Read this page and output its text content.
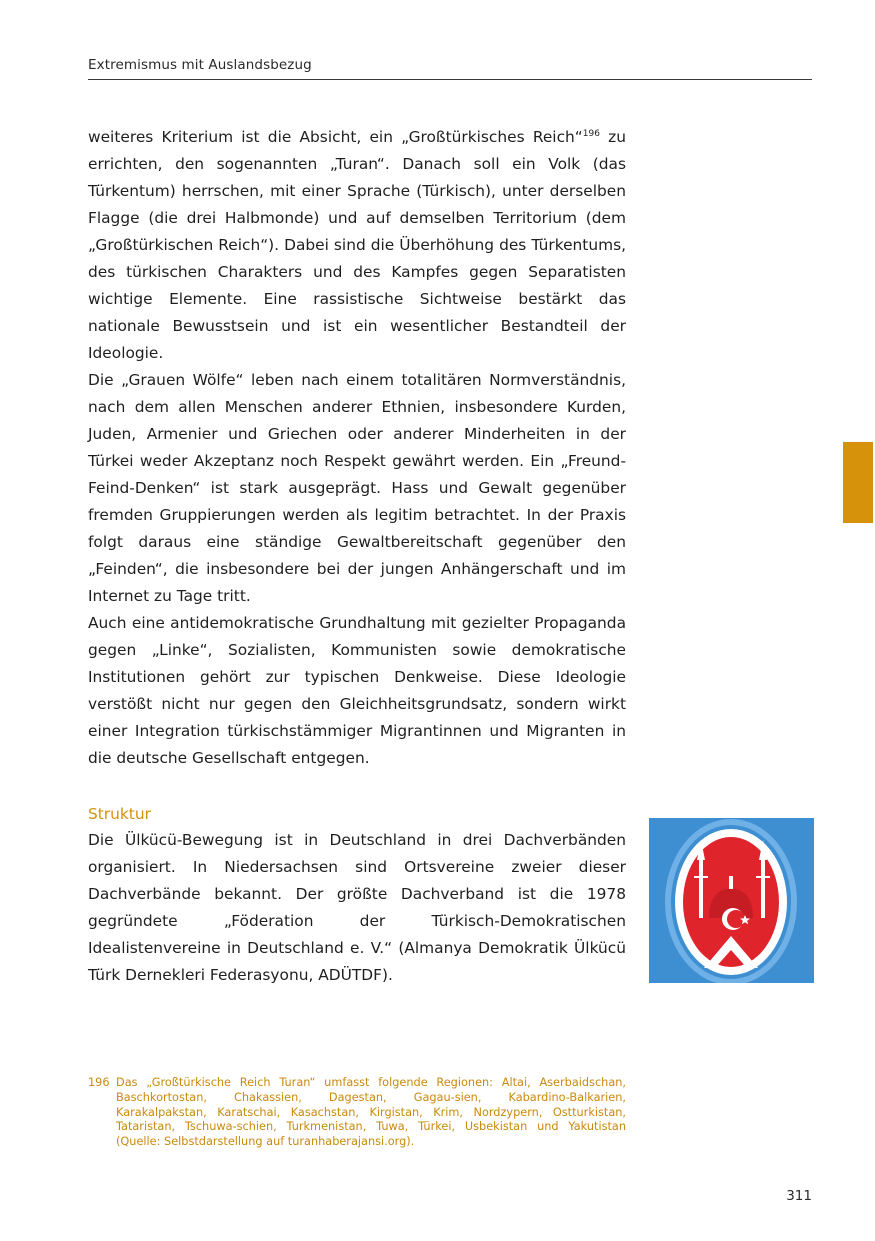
Extremismus mit Auslandsbezug

weiteres Kriterium ist die Absicht, ein „Großtürkisches Reich“$^{196}$ zu errichten, den sogenannten „Turan“. Danach soll ein Volk (das Türkentum) herrschen, mit einer Sprache (Türkisch), unter derselben Flagge (die drei Halbmonde) und auf demselben Territorium (dem „Großtürkischen Reich“). Dabei sind die Überhöhung des Türkentums, des türkischen Charakters und des Kampfes gegen Separatisten wichtige Elemente. Eine rassistische Sichtweise bestärkt das nationale Bewusstsein und ist ein wesentlicher Bestandteil der Ideologie.

Die „Grauen Wölfe“ leben nach einem totalitären Normverständnis, nach dem allen Menschen anderer Ethnien, insbesondere Kurden, Juden, Armenier und Griechen oder anderer Minderheiten in der Türkei weder Akzeptanz noch Respekt gewährt werden. Ein „Freund-Feind-Denken“ ist stark ausgeprägt. Hass und Gewalt gegenüber fremden Gruppierungen werden als legitim betrachtet. In der Praxis folgt daraus eine ständige Gewaltbereitschaft gegenüber den „Feinden“, die insbesondere bei der jungen Anhängerschaft und im Internet zu Tage tritt.

Auch eine antidemokratische Grundhaltung mit gezielter Propaganda gegen „Linke“, Sozialisten, Kommunisten sowie demokratische Institutionen gehört zur typischen Denkweise. Diese Ideologie verstößt nicht nur gegen den Gleichheitsgrundsatz, sondern wirkt einer Integration türkischstämmiger Migrantinnen und Migranten in die deutsche Gesellschaft entgegen.

Struktur

Die Ülkücü-Bewegung ist in Deutschland in drei Dachverbänden organisiert. In Niedersachsen sind Ortsvereine zweier dieser Dachverbände bekannt. Der größte Dachverband ist die 1978 gegründete „Föderation der Türkisch-Demokratischen Idealistenvereine in Deutschland e. V.“ (Almanya Demokratik Ülkücü Türk Dernekleri Federasyonu, ADÜTDF).

196 Das „Großtürkische Reich Turan“ umfasst folgende Regionen: Altai, Aserbaidschan, Baschkortostan, Chakassien, Dagestan, Gagau-sien, Kabardino-Balkarien, Karakalpakstan, Karatschai, Kasachstan, Kirgistan, Krim, Nordzypern, Ostturkistan, Tataristan, Tschuwa-schien, Turkmenistan, Tuwa, Türkei, Usbekistan und Yakutistan (Quelle: Selbstdarstellung auf turanhaberajansi.org).
311
